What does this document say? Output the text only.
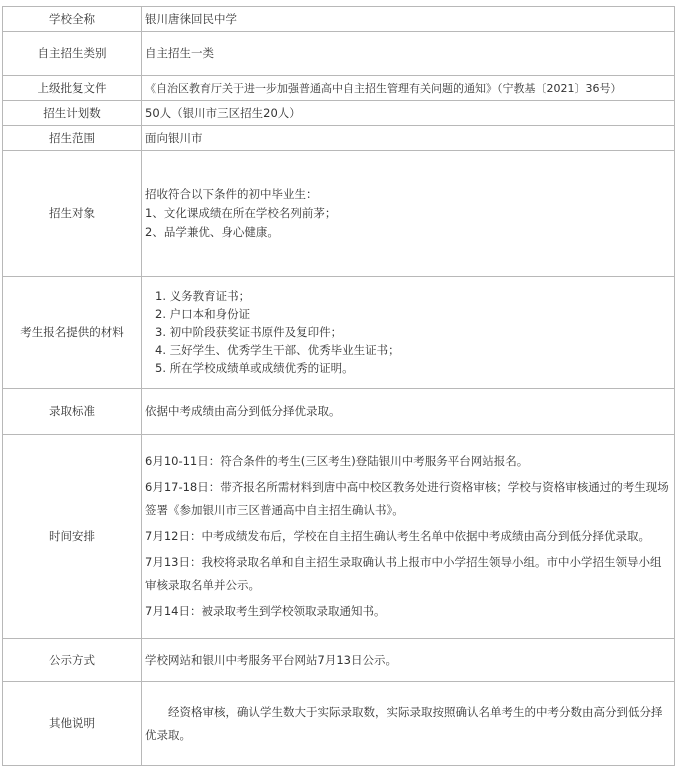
学校全称	银川唐徕回民中学
自主招生类别	自主招生一类
上级批复文件	《自治区教育厅关于进一步加强普通高中自主招生管理有关问题的通知》（宁教基〔2021〕36号）

招生计划数	50人（银川市三区招生20人）
招生范围	面向银川市
招生对象	招收符合以下条件的初中毕业生：
1、文化课成绩在所在学校名列前茅；
2、品学兼优、身心健康。

考生报名提供的材料	1. 义务教育证书；
2. 户口本和身份证
3. 初中阶段获奖证书原件及复印件；
4. 三好学生、优秀学生干部、优秀毕业生证书；
5. 所在学校成绩单或成绩优秀的证明。

录取标准	依据中考成绩由高分到低分择优录取。
时间安排	6月10-11日：符合条件的考生(三区考生)登陆银川中考服务平台网站报名。
6月17-18日：带齐报名所需材料到唐中高中校区教务处进行资格审核；学校与资格审核通过的考生现场签署《参加银川市三区普通高中自主招生确认书》。
7月12日：中考成绩发布后，学校在自主招生确认考生名单中依据中考成绩由高分到低分择优录取。
7月13日：我校将录取名单和自主招生录取确认书上报市中小学招生领导小组。市中小学招生领导小组审核录取名单并公示。
7月14日：被录取考生到学校领取录取通知书。

公示方式	学校网站和银川中考服务平台网站7月13日公示。
其他说明	经资格审核，确认学生数大于实际录取数，实际录取按照确认名单考生的中考分数由高分到低分择优录取。
